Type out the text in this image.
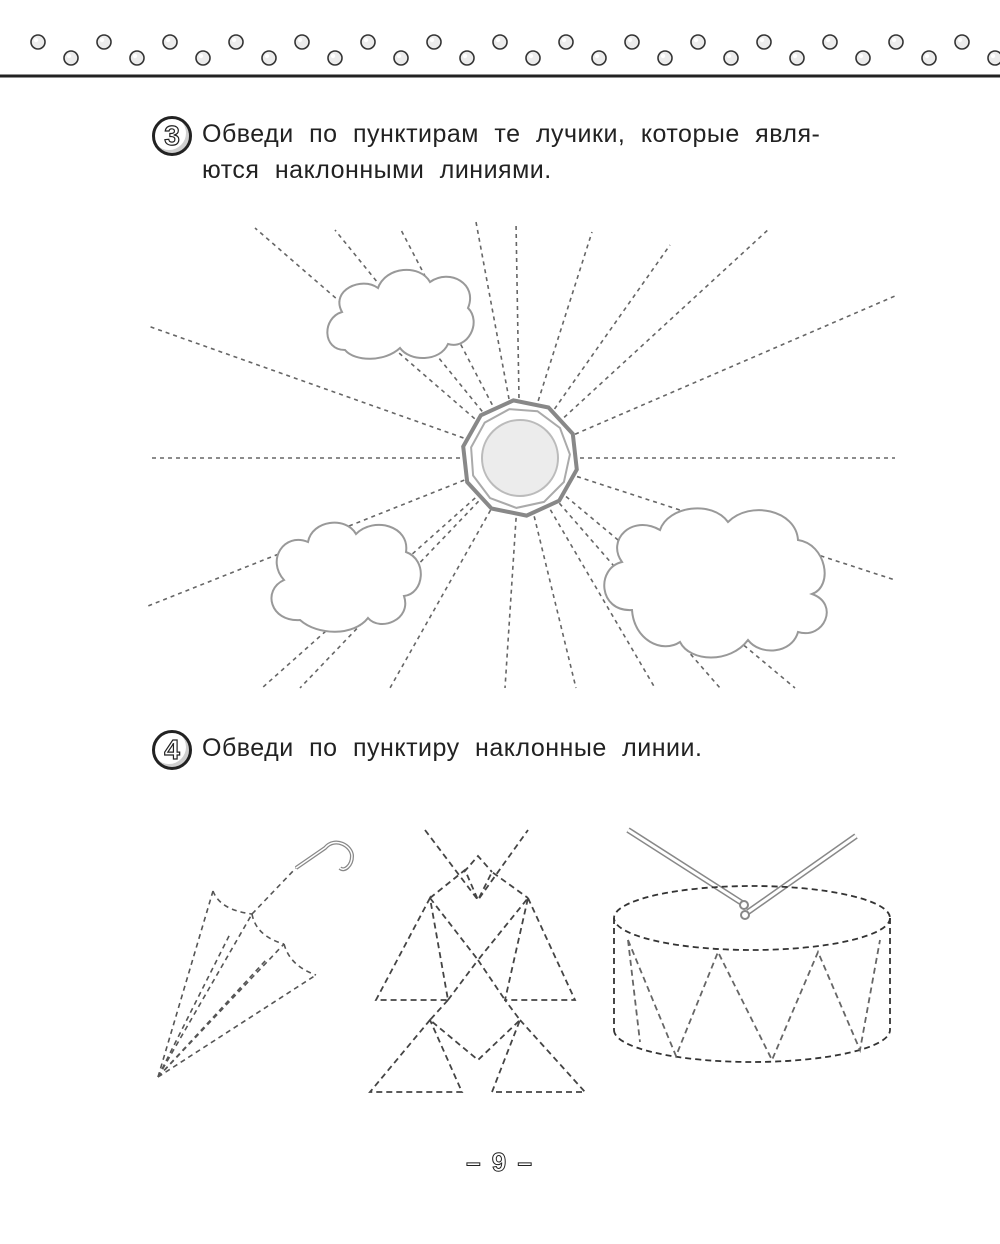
3 Обведи по пунктирам те лучики, которые явля-
ются наклонными линиями.
4 Обведи по пунктиру наклонные линии.
– 9 –
